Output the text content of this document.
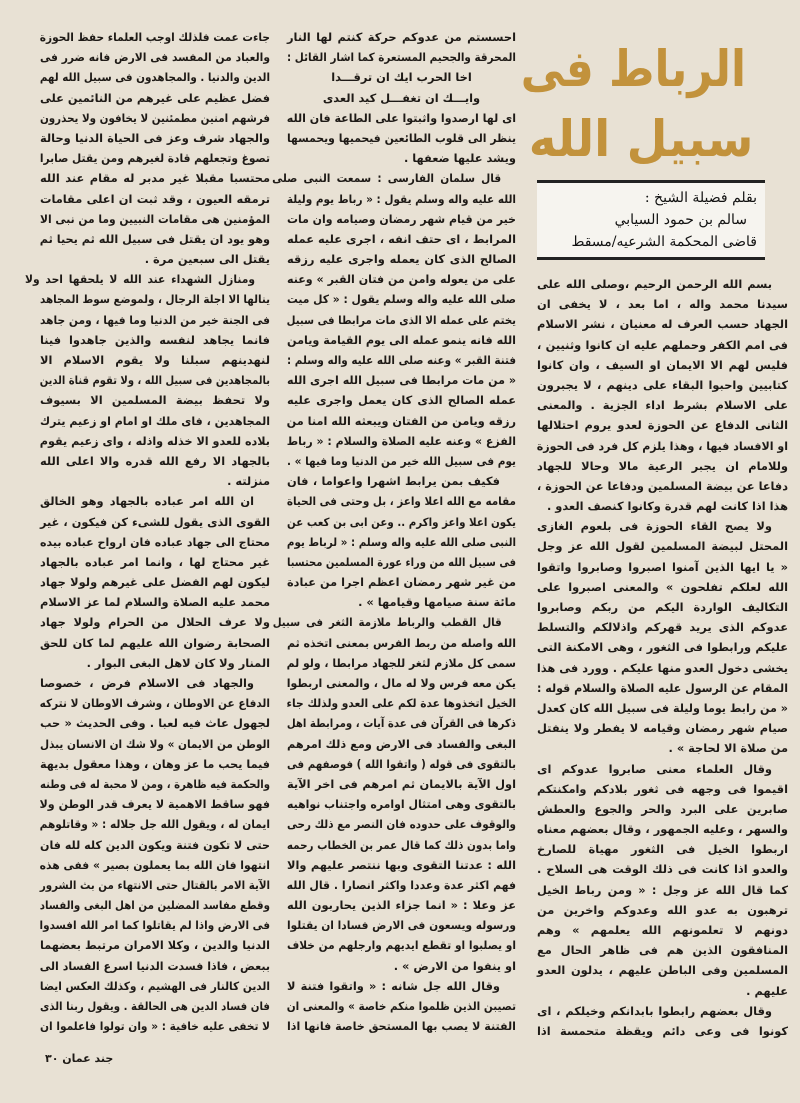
الرباط فى
سبيل الله
بقلم فضيلة الشيخ :
سالم بن حمود السيابي
قاضى المحكمة الشرعيه/مسقط
بسم الله الرحمن الرحيم ،وصلى الله على
سيدنا محمد واله ، اما بعد ، لا يخفى ان
الجهاد حسب العرف له معنيان ، نشر الاسلام
فى امم الكفر وحملهم عليه ان كانوا وثنيين ،
فليس لهم الا الايمان او السيف ، وان كانوا
كتابيين واحبوا البقاء على دينهم ، لا يجبرون
على الاسلام بشرط اداء الجزية . والمعنى
الثانى الدفاع عن الحوزة لعدو يروم احتلالها
او الافساد فيها ، وهذا يلزم كل فرد فى الحوزة
وللامام ان يجبر الرعية مالا وحالا للجهاد
دفاعا عن بيضة المسلمين ودفاعا عن الحوزة ،
هذا اذا كانت لهم قدرة وكانوا كنصف العدو .
ولا يصح القاء الحوزة فى بلعوم الغازى
المحتل لبيضة المسلمين لقول الله عز وجل
« يا ايها الذين آمنوا اصبروا وصابروا واتقوا
الله لعلكم تفلحون » والمعنى اصبروا على
التكاليف الواردة اليكم من ربكم وصابروا
عدوكم الذى يريد قهركم واذلالكم والتسلط
عليكم ورابطوا فى الثغور ، وهى الامكنة التى
يخشى دخول العدو منها عليكم . وورد فى هذا
المقام عن الرسول عليه الصلاة والسلام قوله :
« من رابط يوما وليلة فى سبيل الله كان كعدل
صيام شهر رمضان وقيامه لا يفطر ولا ينفتل
من صلاة الا لحاجة » .
وقال العلماء معنى صابروا عدوكم اى
اقيموا فى وجهه فى ثغور بلادكم وامكنتكم
صابرين على البرد والحر والجوع والعطش
والسهر ، وعليه الجمهور ، وقال بعضهم معناه
اربطوا الخيل فى الثغور مهياة للصارخ
والعدو اذا كانت فى ذلك الوقت هى السلاح .
كما قال الله عز وجل : « ومن رباط الخيل
ترهبون به عدو الله وعدوكم واخرين من
دونهم لا تعلمونهم الله يعلمهم » وهم
المنافقون الذين هم فى ظاهر الحال مع
المسلمين وفى الباطن عليهم ، يدلون العدو
عليهم .
وقال بعضهم رابطوا بابدانكم وخيلكم ، اى
كونوا فى وعى دائم ويقظة متحمسة اذا
احسستم من عدوكم حركة كنتم لها النار
المحرقة والجحيم المستعرة كما اشار القائل :
اخا الحرب ايك ان ترقـــدا
وايـــك ان تغفـــل كيد العدى
اى لها ارصدوا واثبتوا على الطاعة فان الله
ينظر الى قلوب الطائعين فيحميها ويحمسها
ويشد عليها ضعفها .
قال سلمان الفارسى : سمعت النبى صلى
الله عليه واله وسلم يقول : « رباط يوم وليلة
خير من قيام شهر رمضان وصيامه وان مات
المرابط ، اى حتف انفه ، اجرى عليه عمله
الصالح الذى كان يعمله واجرى عليه رزقه
على من يعوله وامن من فتان القبر » وعنه
صلى الله عليه واله وسلم يقول : « كل ميت
يختم على عمله الا الذى مات مرابطا فى سبيل
الله فانه ينمو عمله الى يوم القيامة ويامن
فتنة القبر » وعنه صلى الله عليه واله وسلم :
« من مات مرابطا فى سبيل الله اجرى الله
عمله الصالح الذى كان يعمل واجرى عليه
رزقه ويامن من الفتان ويبعثه الله امنا من
الفزع » وعنه عليه الصلاة والسلام : « رباط
يوم فى سبيل الله خير من الدنيا وما فيها » .
فكيف بمن يرابط اشهرا واعواما ، فان
مقامه مع الله اعلا واعز ، بل وحتى فى الحياة
يكون اعلا واعز واكرم .. وعن ابى بن كعب عن
النبى صلى الله عليه واله وسلم : « لرباط يوم
فى سبيل الله من وراء عورة المسلمين محتسبا
من غير شهر رمضان اعظم اجرا من عبادة
مائة سنة صيامها وقيامها » .
قال القطب والرباط ملازمة الثغر فى سبيل
الله واصله من ربط الفرس بمعنى اتخذه ثم
سمى كل ملازم لثغر للجهاد مرابطا ، ولو لم
يكن معه فرس ولا له مال ، والمعنى اربطوا
الخيل اتخذوها عدة لكم على العدو ولذلك جاء
ذكرها فى القرآن فى عدة آيات ، ومرابطة اهل
البغى والفساد فى الارض ومع ذلك امرهم
بالتقوى فى قوله ( واتقوا الله ) فوصفهم فى
اول الآية بالايمان ثم امرهم فى اخر الآية
بالتقوى وهى امتثال اوامره واجتناب نواهيه
والوقوف على حدوده فان النصر مع ذلك رحى
واما بدون ذلك كما قال عمر بن الخطاب رحمه
الله : عدتنا التقوى وبها ننتصر عليهم والا
فهم اكثر عدة وعددا واكثر انصارا . قال الله
عز وعلا : « انما جزاء الذين يحاربون الله
ورسوله ويسعون فى الارض فسادا ان يقتلوا
او يصلبوا او تقطع ايديهم وارجلهم من خلاف
او ينفوا من الارض » .
وقال الله جل شانه : « واتقوا فتنة لا
تصيبن الذين ظلموا منكم خاصة » والمعنى ان
الفتنة لا يصب بها المستحق خاصة فانها اذا
جاءت عمت فلذلك اوجب العلماء حفظ الحوزة
والعباد من المفسد فى الارض فانه ضرر فى
الدين والدنيا . والمجاهدون فى سبيل الله لهم
فضل عظيم على غيرهم من النائمين على
فرشهم امنين مطمئنين لا يخافون ولا يحذرون
والجهاد شرف وعز فى الحياة الدنيا وحالة
تصوغ وتجعلهم قادة لغيرهم ومن يقتل صابرا
محتسبا مقبلا غير مدبر له مقام عند الله
ترمقه العيون ، وقد ثبت ان اعلى مقامات
المؤمنين هى مقامات النبيين وما من نبى الا
وهو يود ان يقتل فى سبيل الله ثم يحيا ثم
يقتل الى سبعين مرة .
ومنازل الشهداء عند الله لا يلحقها احد ولا
ينالها الا اجلة الرجال ، ولموضع سوط المجاهد
فى الجنة خير من الدنيا وما فيها ، ومن جاهد
فانما يجاهد لنفسه والذين جاهدوا فينا
لنهدينهم سبلنا ولا يقوم الاسلام الا
بالمجاهدين فى سبيل الله ، ولا تقوم قناة الدين
ولا تحفظ بيضة المسلمين الا بسيوف
المجاهدين ، فاى ملك او امام او زعيم يترك
بلاده للعدو الا خذله واذله ، واى زعيم يقوم
بالجهاد الا رفع الله قدره والا اعلى الله
منزلته .
ان الله امر عباده بالجهاد وهو الخالق
القوى الذى يقول للشىء كن فيكون ، غير
محتاج الى جهاد عباده فان ارواح عباده بيده
غير محتاج لها ، وانما امر عباده بالجهاد
ليكون لهم الفضل على غيرهم ولولا جهاد
محمد عليه الصلاة والسلام لما عز الاسلام
ولا عرف الحلال من الحرام ولولا جهاد
الصحابة رضوان الله عليهم لما كان للحق
المنار ولا كان لاهل البغى البوار .
والجهاد فى الاسلام فرض ، خصوصا
الدفاع عن الاوطان ، وشرف الاوطان لا نتركه
لجهول عاث فيه لعبا . وفى الحديث « حب
الوطن من الايمان » ولا شك ان الانسان يبذل
فيما يحب ما عز وهان ، وهذا معقول بديهة
والحكمة فيه ظاهرة ، ومن لا محبة له فى وطنه
فهو ساقط الاهمية لا يعرف قدر الوطن ولا
ايمان له ، ويقول الله جل جلاله : « وقاتلوهم
حتى لا تكون فتنة ويكون الدين كله لله فان
انتهوا فان الله بما يعملون بصير » ففى هذه
الآية الامر بالقتال حتى الانتهاء من بث الشرور
وقطع مفاسد المضلين من اهل البغى والفساد
فى الارض واذا لم يقاتلوا كما امر الله افسدوا
الدنيا والدين ، وكلا الامران مرتبط بعضهما
ببعض ، فاذا فسدت الدنيا اسرع الفساد الى
الدين كالنار فى الهشيم ، وكذلك العكس ايضا
فان فساد الدين هى الحالقة . ويقول ربنا الذى
لا تخفى عليه خافية : « وان تولوا فاعلموا ان
جند عمان ٣٠
